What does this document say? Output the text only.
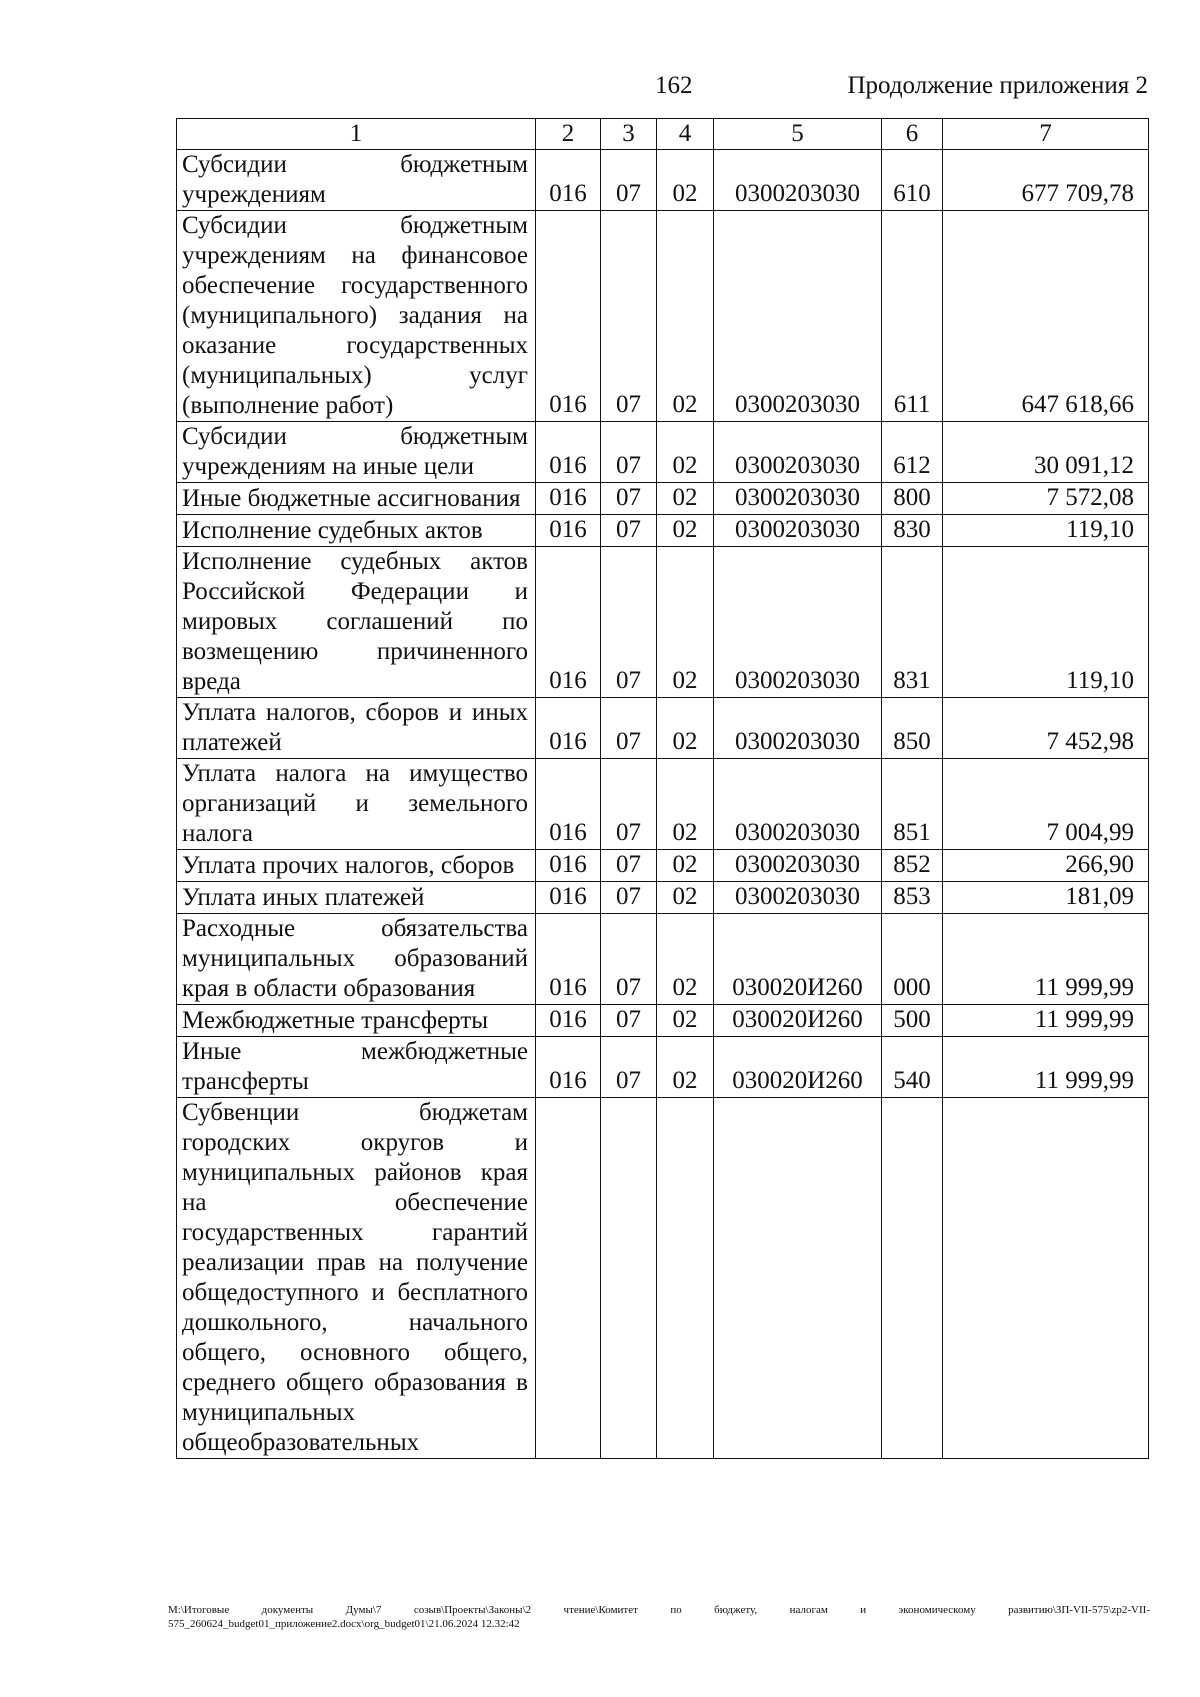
162	Продолжение приложения 2
1	2	3	4	5	6	7
Субсидии бюджетным учреждениям	016	07	02	0300203030	610	677 709,78
Субсидии бюджетным учреждениям на финансовое обеспечение государственного (муниципального) задания на оказание государственных (муниципальных) услуг (выполнение работ)	016	07	02	0300203030	611	647 618,66
Субсидии бюджетным учреждениям на иные цели	016	07	02	0300203030	612	30 091,12
Иные бюджетные ассигнования	016	07	02	0300203030	800	7 572,08
Исполнение судебных актов	016	07	02	0300203030	830	119,10
Исполнение судебных актов Российской Федерации и мировых соглашений по возмещению причиненного вреда	016	07	02	0300203030	831	119,10
Уплата налогов, сборов и иных платежей	016	07	02	0300203030	850	7 452,98
Уплата налога на имущество организаций и земельного налога	016	07	02	0300203030	851	7 004,99
Уплата прочих налогов, сборов	016	07	02	0300203030	852	266,90
Уплата иных платежей	016	07	02	0300203030	853	181,09
Расходные обязательства муниципальных образований края в области образования	016	07	02	030020И260	000	11 999,99
Межбюджетные трансферты	016	07	02	030020И260	500	11 999,99
Иные межбюджетные трансферты	016	07	02	030020И260	540	11 999,99
Субвенции бюджетам городских округов и муниципальных районов края на обеспечение государственных гарантий реализации прав на получение общедоступного и бесплатного дошкольного, начального общего, основного общего, среднего общего образования в муниципальных общеобразовательных						
M:\Итоговые документы Думы\7 созыв\Проекты\Законы\2 чтение\Комитет по бюджету, налогам и экономическому развитию\ЗП-VII-575\zp2-VII-575_260624_budget01_приложение2.docx\org_budget01\21.06.2024 12.32:42
